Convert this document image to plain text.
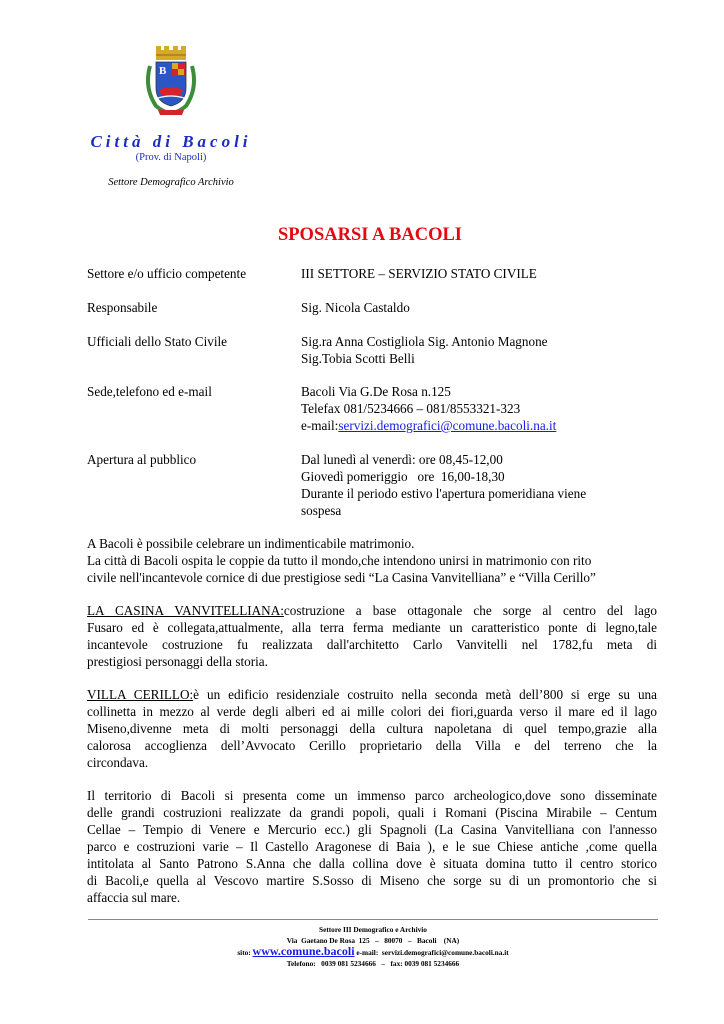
B
Città di Bacoli
(Prov. di Napoli)
Settore Demografico Archivio
SPOSARSI A BACOLI
Settore e/o ufficio competente	III SETTORE – SERVIZIO STATO CIVILE
Responsabile	Sig. Nicola Castaldo
Ufficiali dello Stato Civile	Sig.ra Anna Costigliola Sig. Antonio Magnone
Sig.Tobia Scotti Belli
Sede,telefono ed e-mail	Bacoli Via G.De Rosa n.125
Telefax 081/5234666 – 081/8553321-323
e-mail:servizi.demografici@comune.bacoli.na.it
Apertura al pubblico	Dal lunedì al venerdì: ore 08,45-12,00
Giovedì pomeriggio   ore  16,00-18,30
Durante il periodo estivo l'apertura pomeridiana viene
sospesa
A Bacoli è possibile celebrare un indimenticabile matrimonio.
La città di Bacoli ospita le coppie da tutto il mondo,che intendono unirsi in matrimonio con rito
civile nell'incantevole cornice di due prestigiose sedi “La Casina Vanvitelliana” e “Villa Cerillo”
LA CASINA VANVITELLIANA:costruzione a base ottagonale che sorge al centro del lago
Fusaro ed è collegata,attualmente, alla terra ferma mediante un caratteristico ponte di legno,tale
incantevole costruzione fu realizzata dall'architetto Carlo Vanvitelli nel 1782,fu meta di
prestigiosi personaggi della storia.
VILLA CERILLO:è un edificio residenziale costruito nella seconda metà dell’800 si erge su una
collinetta in mezzo al verde degli alberi ed ai mille colori dei fiori,guarda verso il mare ed il lago
Miseno,divenne meta di molti personaggi della cultura napoletana di quel tempo,grazie alla
calorosa accoglienza dell’Avvocato Cerillo proprietario della Villa e del terreno che la
circondava.
Il territorio di Bacoli si presenta come un immenso parco archeologico,dove sono disseminate
delle grandi costruzioni realizzate da grandi popoli, quali i Romani (Piscina Mirabile – Centum
Cellae – Tempio di Venere e Mercurio ecc.) gli Spagnoli (La Casina Vanvitelliana con l'annesso
parco e costruzioni varie – Il Castello Aragonese di Baia ), e le sue Chiese antiche ,come quella
intitolata al Santo Patrono S.Anna che dalla collina dove è situata domina tutto il centro storico
di Bacoli,e quella al Vescovo martire S.Sosso di Miseno che sorge su di un promontorio che si
affaccia sul mare.
Settore III Demografico e Archivio
Via  Gaetano De Rosa  125   –   80070   –   Bacoli    (NA)
sito: www.comune.bacoli e-mail:  servizi.demografici@comune.bacoli.na.it
Telefono:   0039 081 5234666   –   fax: 0039 081 5234666
